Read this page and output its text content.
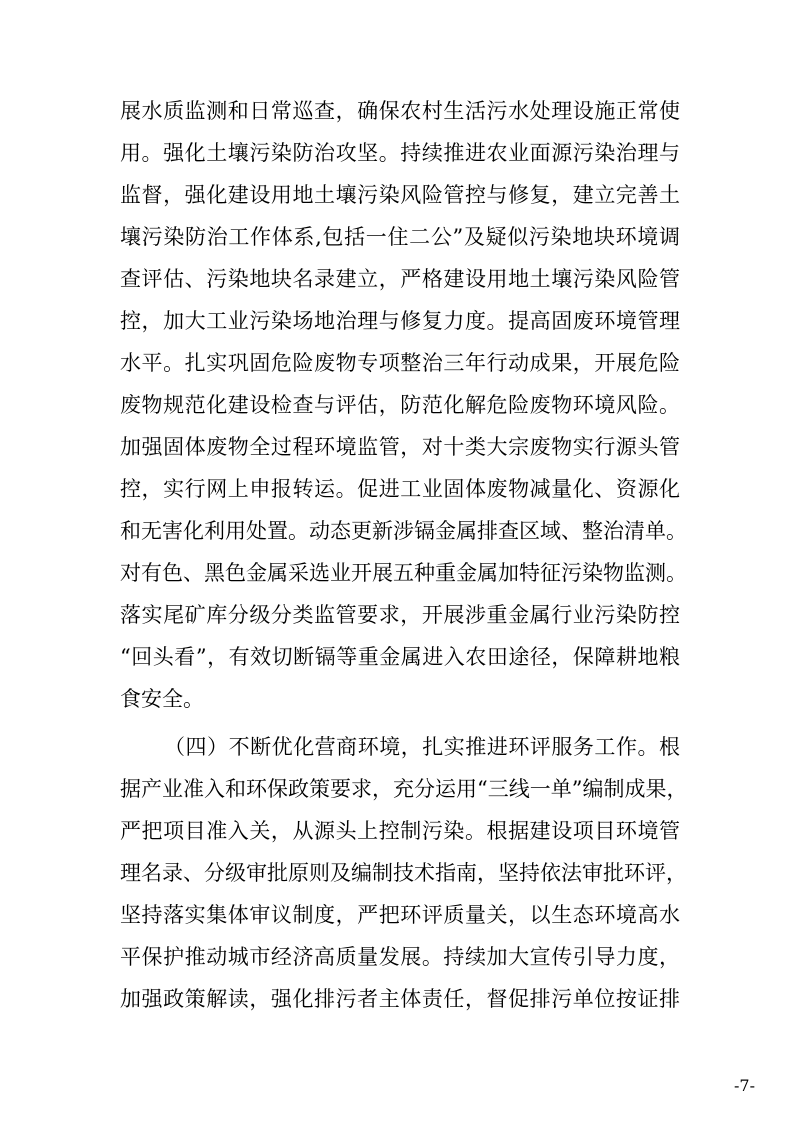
展水质监测和日常巡查，确保农村生活污水处理设施正常使
用。强化土壤污染防治攻坚。持续推进农业面源污染治理与
监督，强化建设用地土壤污染风险管控与修复，建立完善土
壤污染防治工作体系,包括一住二公”及疑似污染地块环境调
查评估、污染地块名录建立，严格建设用地土壤污染风险管
控，加大工业污染场地治理与修复力度。提高固废环境管理
水平。扎实巩固危险废物专项整治三年行动成果，开展危险
废物规范化建设检查与评估，防范化解危险废物环境风险。
加强固体废物全过程环境监管，对十类大宗废物实行源头管
控，实行网上申报转运。促进工业固体废物减量化、资源化
和无害化利用处置。动态更新涉镉金属排查区域、整治清单。
对有色、黑色金属采选业开展五种重金属加特征污染物监测。
落实尾矿库分级分类监管要求，开展涉重金属行业污染防控
“回头看”，有效切断镉等重金属进入农田途径，保障耕地粮
食安全。
（四）不断优化营商环境，扎实推进环评服务工作。根
据产业准入和环保政策要求，充分运用“三线一单”编制成果，
严把项目准入关，从源头上控制污染。根据建设项目环境管
理名录、分级审批原则及编制技术指南，坚持依法审批环评，
坚持落实集体审议制度，严把环评质量关，以生态环境高水
平保护推动城市经济高质量发展。持续加大宣传引导力度，
加强政策解读，强化排污者主体责任，督促排污单位按证排
-7-
